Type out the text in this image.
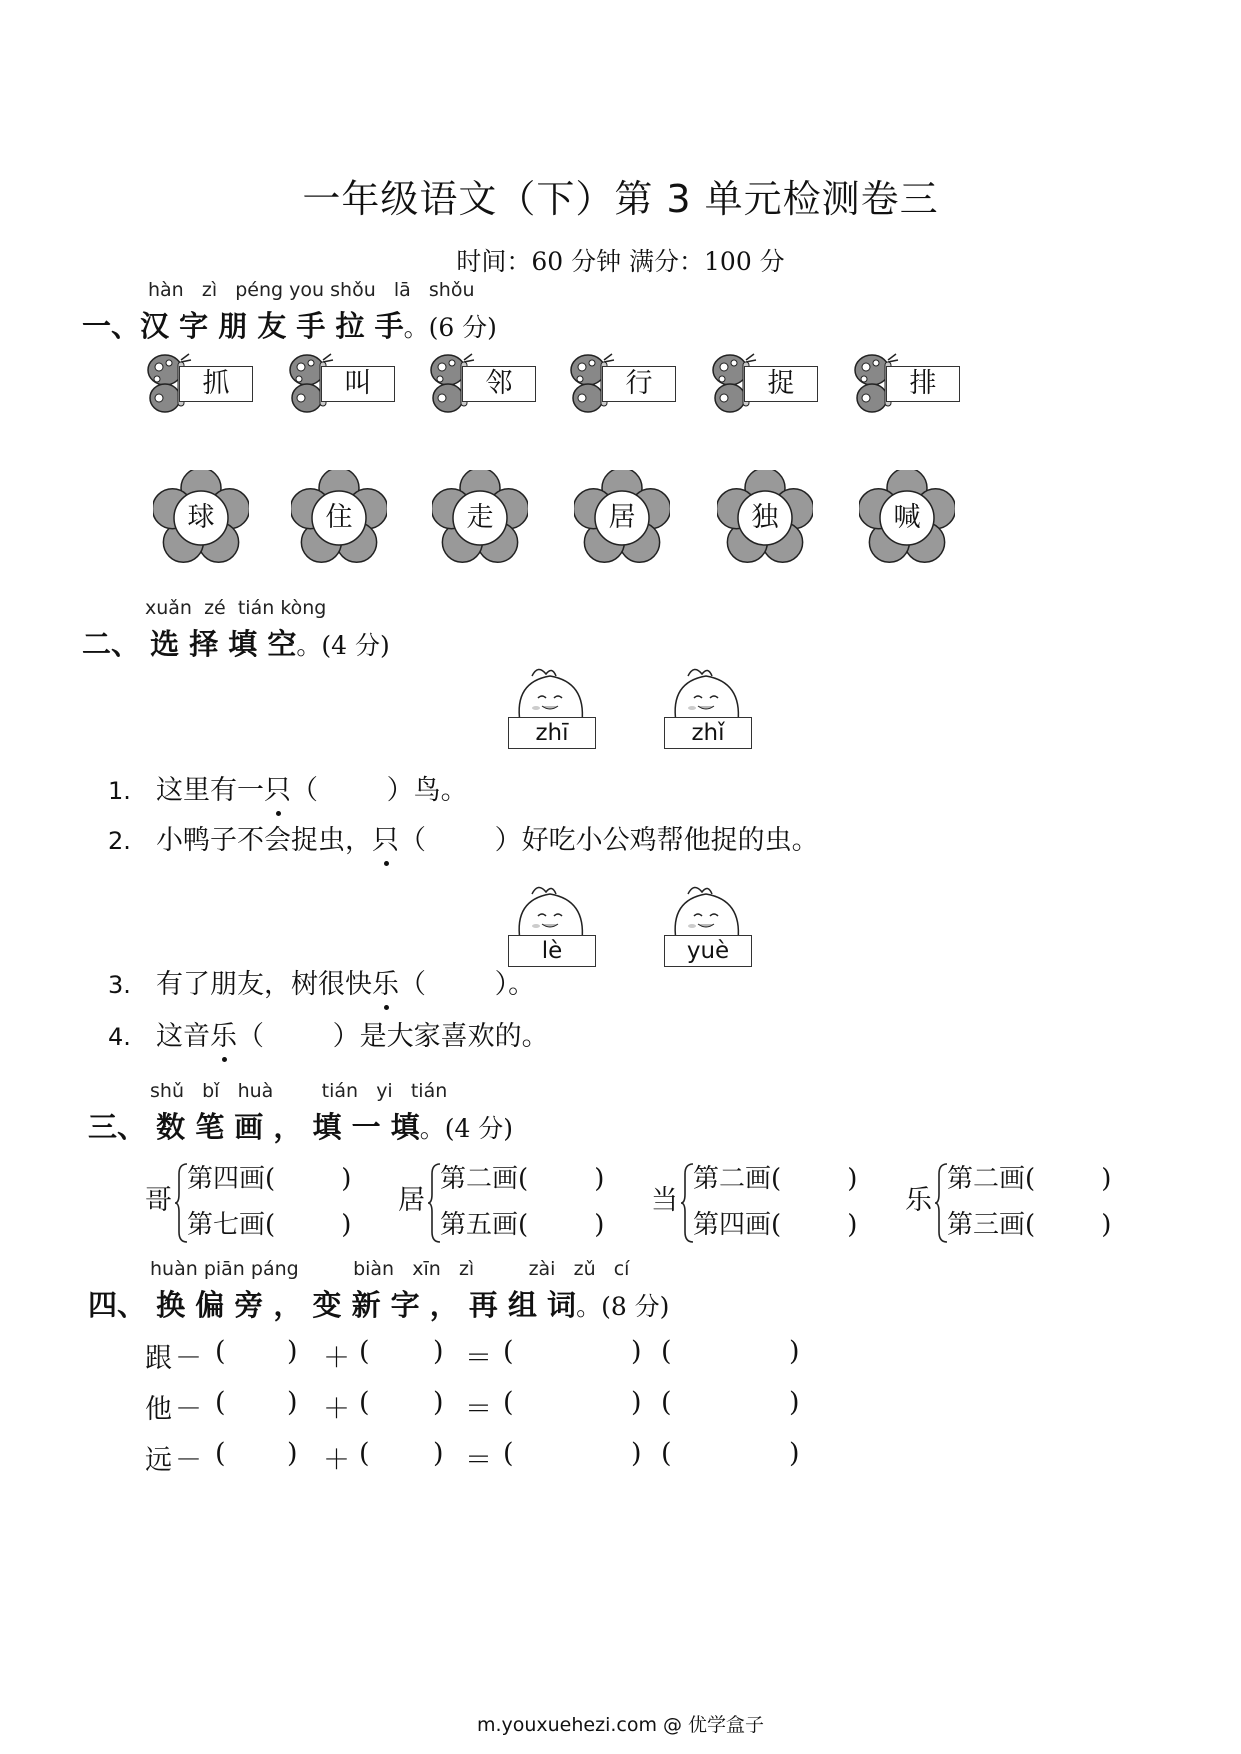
一年级语文（下）第 3 单元检测卷三
时间：60 分钟 满分：100 分
hàn zì péng you shǒu lā shǒu
一、汉 字 朋 友 手 拉 手。(6 分)
抓	叫	邻	行	捉	排
球	住	走	居	独	喊
xuǎn zé tián kòng
二、 选 择 填 空。(4 分)
zhī	zhǐ
lè	yuè
1. 这里有一只（        ）鸟。
2. 小鸭子不会捉虫，只（        ）好吃小公鸡帮他捉的虫。
3. 有了朋友，树很快乐（        ）。
4. 这音乐（        ）是大家喜欢的。
shǔ bǐ huà	tián yi tián
三、 数 笔 画 ， 填 一 填。(4 分)
哥
第四画(        )
第七画(        )
居
第二画(        )
第五画(        )
当
第二画(        )
第四画(        )
乐
第二画(        )
第三画(        )
huàn piān páng	biàn xīn zì	zài zǔ cí
四、 换 偏 旁 ， 变 新 字 ， 再 组 词。(8 分)
跟 － ( ) ＋ ( ) ＝ (	) (	)
他 － ( ) ＋ ( ) ＝ (	) (	)
远 － ( ) ＋ ( ) ＝ (	) (	)
m.youxuehezi.com @ 优学盒子
